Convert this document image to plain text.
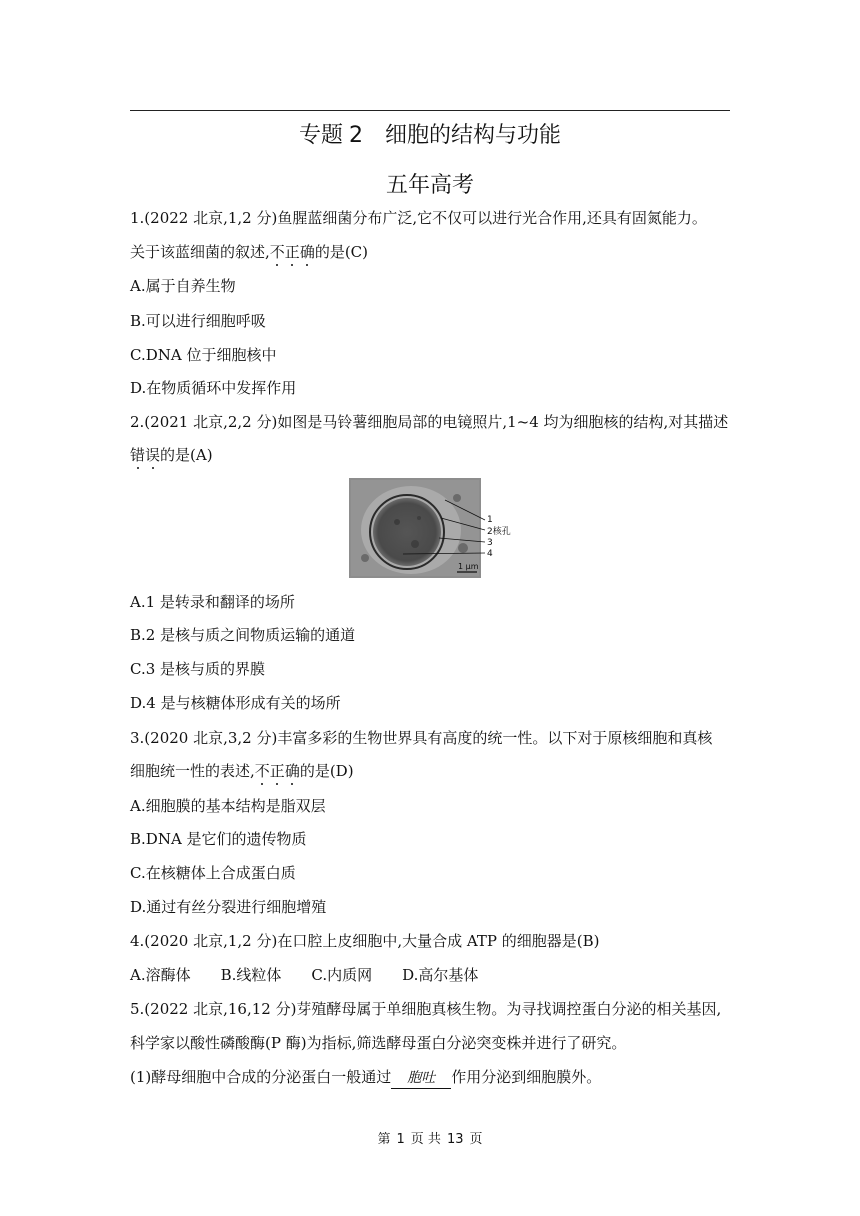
专题 2 细胞的结构与功能
五年高考
1.(2022 北京,1,2 分)鱼腥蓝细菌分布广泛,它不仅可以进行光合作用,还具有固氮能力。
关于该蓝细菌的叙述,不正确的是(C)
A.属于自养生物
B.可以进行细胞呼吸
C.DNA 位于细胞核中
D.在物质循环中发挥作用
2.(2021 北京,2,2 分)如图是马铃薯细胞局部的电镜照片,1~4 均为细胞核的结构,对其描述
错误的是(A)
1
2核孔
3
4
1 μm
A.1 是转录和翻译的场所
B.2 是核与质之间物质运输的通道
C.3 是核与质的界膜
D.4 是与核糖体形成有关的场所
3.(2020 北京,3,2 分)丰富多彩的生物世界具有高度的统一性。以下对于原核细胞和真核
细胞统一性的表述,不正确的是(D)
A.细胞膜的基本结构是脂双层
B.DNA 是它们的遗传物质
C.在核糖体上合成蛋白质
D.通过有丝分裂进行细胞增殖
4.(2020 北京,1,2 分)在口腔上皮细胞中,大量合成 ATP 的细胞器是(B)
A.溶酶体 B.线粒体 C.内质网 D.高尔基体
5.(2022 北京,16,12 分)芽殖酵母属于单细胞真核生物。为寻找调控蛋白分泌的相关基因,
科学家以酸性磷酸酶(P 酶)为指标,筛选酵母蛋白分泌突变株并进行了研究。
(1)酵母细胞中合成的分泌蛋白一般通过 胞吐 作用分泌到细胞膜外。
第 1 页 共 13 页
